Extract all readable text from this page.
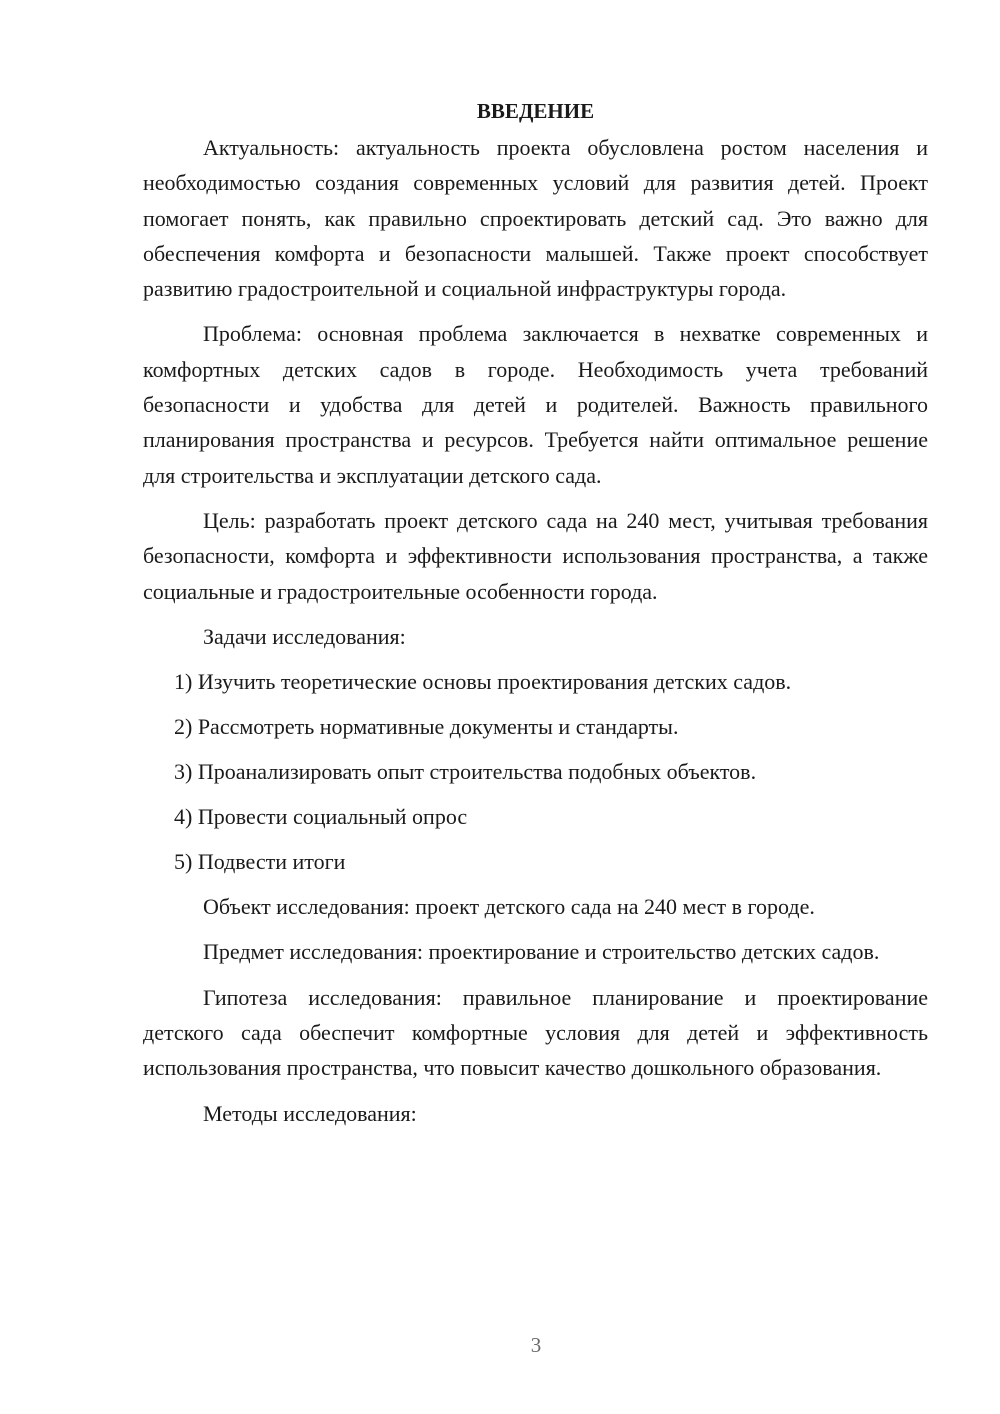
ВВЕДЕНИЕ

Актуальность: актуальность проекта обусловлена ростом населения и необходимостью создания современных условий для развития детей. Проект помогает понять, как правильно спроектировать детский сад. Это важно для обеспечения комфорта и безопасности малышей. Также проект способствует развитию градостроительной и социальной инфраструктуры города.

Проблема: основная проблема заключается в нехватке современных и комфортных детских садов в городе. Необходимость учета требований безопасности и удобства для детей и родителей. Важность правильного планирования пространства и ресурсов. Требуется найти оптимальное решение для строительства и эксплуатации детского сада.

Цель: разработать проект детского сада на 240 мест, учитывая требования безопасности, комфорта и эффективности использования пространства, а также социальные и градостроительные особенности города.

Задачи исследования:

1) Изучить теоретические основы проектирования детских садов.
2) Рассмотреть нормативные документы и стандарты.
3) Проанализировать опыт строительства подобных объектов.
4) Провести социальный опрос
5) Подвести итоги

Объект исследования: проект детского сада на 240 мест в городе.

Предмет исследования: проектирование и строительство детских садов.

Гипотеза исследования: правильное планирование и проектирование детского сада обеспечит комфортные условия для детей и эффективность использования пространства, что повысит качество дошкольного образования.

Методы исследования:

3
